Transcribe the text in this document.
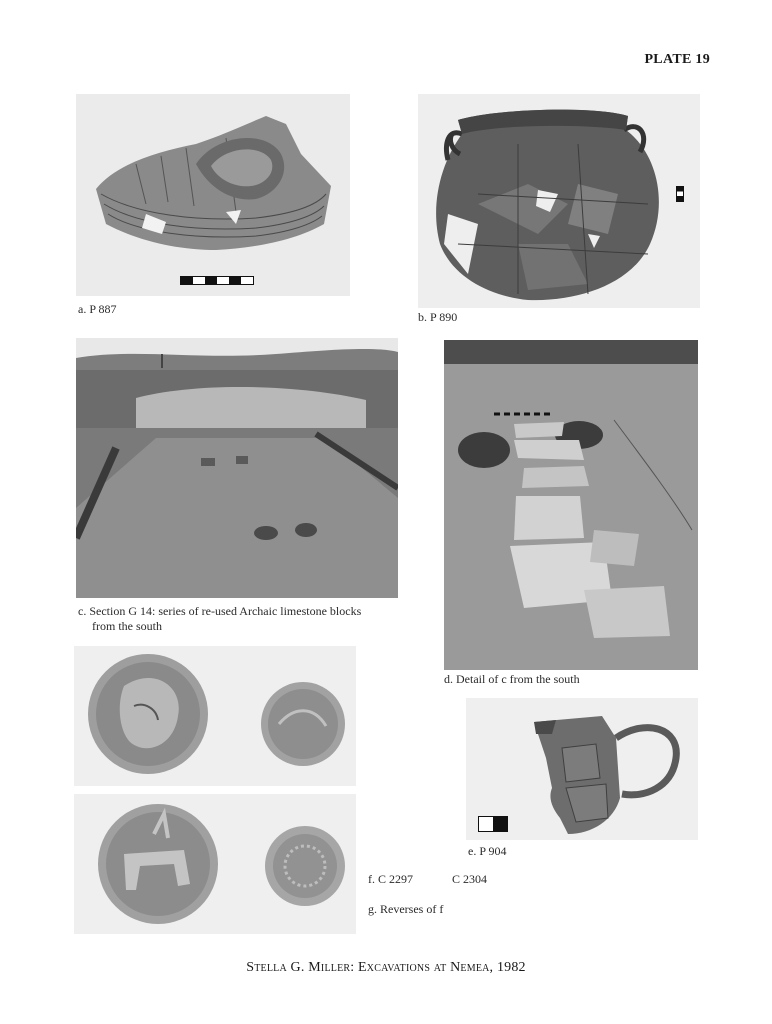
PLATE 19
a. P 887
b. P 890
c. Section G 14: series of re-used Archaic limestone blocks
from the south
d. Detail of c from the south
f. C 2297	C 2304
g. Reverses of f
e. P 904
Stella G. Miller: Excavations at Nemea, 1982
